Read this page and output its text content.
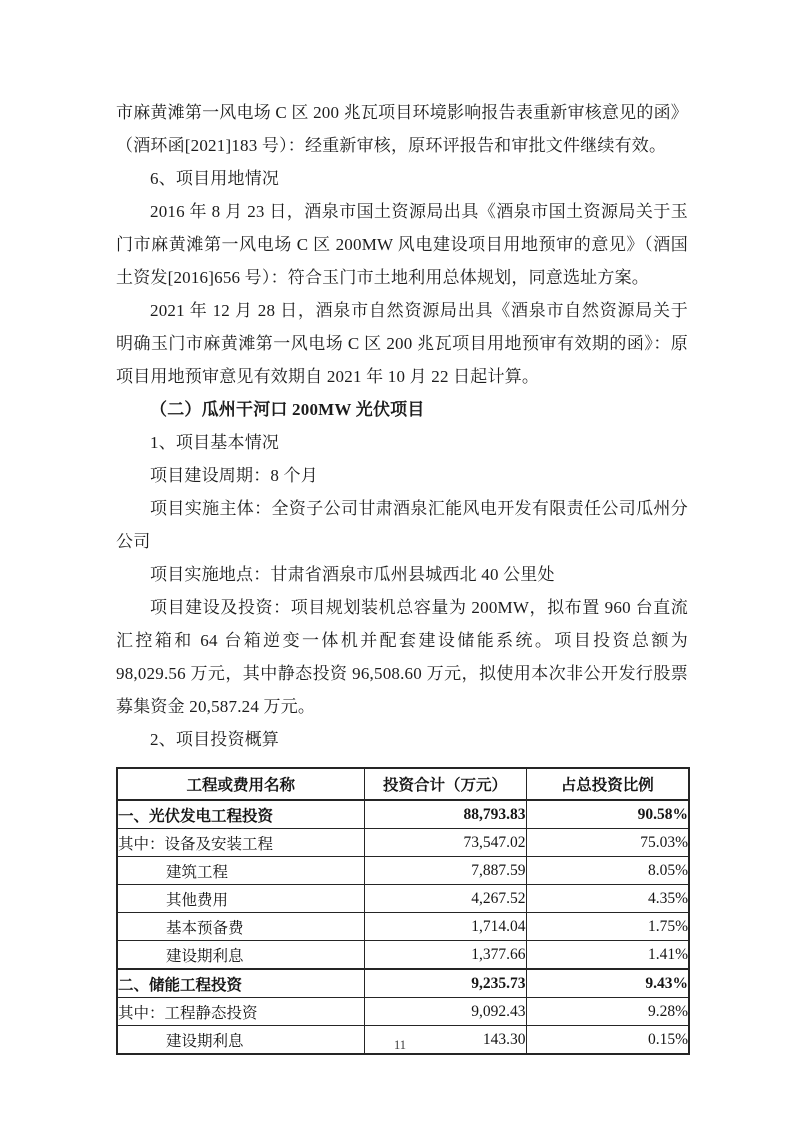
市麻黄滩第一风电场 C 区 200 兆瓦项目环境影响报告表重新审核意见的函》（酒环函[2021]183 号）：经重新审核，原环评报告和审批文件继续有效。

6、项目用地情况

2016 年 8 月 23 日，酒泉市国土资源局出具《酒泉市国土资源局关于玉门市麻黄滩第一风电场 C 区 200MW 风电建设项目用地预审的意见》（酒国土资发[2016]656 号）：符合玉门市土地利用总体规划，同意选址方案。

2021 年 12 月 28 日，酒泉市自然资源局出具《酒泉市自然资源局关于明确玉门市麻黄滩第一风电场 C 区 200 兆瓦项目用地预审有效期的函》：原项目用地预审意见有效期自 2021 年 10 月 22 日起计算。

（二）瓜州干河口 200MW 光伏项目

1、项目基本情况

项目建设周期：8 个月

项目实施主体：全资子公司甘肃酒泉汇能风电开发有限责任公司瓜州分公司

项目实施地点：甘肃省酒泉市瓜州县城西北 40 公里处

项目建设及投资：项目规划装机总容量为 200MW，拟布置 960 台直流汇控箱和 64 台箱逆变一体机并配套建设储能系统。项目投资总额为 98,029.56 万元，其中静态投资 96,508.60 万元，拟使用本次非公开发行股票募集资金 20,587.24 万元。

2、项目投资概算

工程或费用名称	投资合计（万元）	占总投资比例
一、光伏发电工程投资	88,793.83	90.58%
其中：设备及安装工程	73,547.02	75.03%
建筑工程	7,887.59	8.05%
其他费用	4,267.52	4.35%
基本预备费	1,714.04	1.75%
建设期利息	1,377.66	1.41%
二、储能工程投资	9,235.73	9.43%
其中：工程静态投资	9,092.43	9.28%
建设期利息	143.30	0.15%
11
